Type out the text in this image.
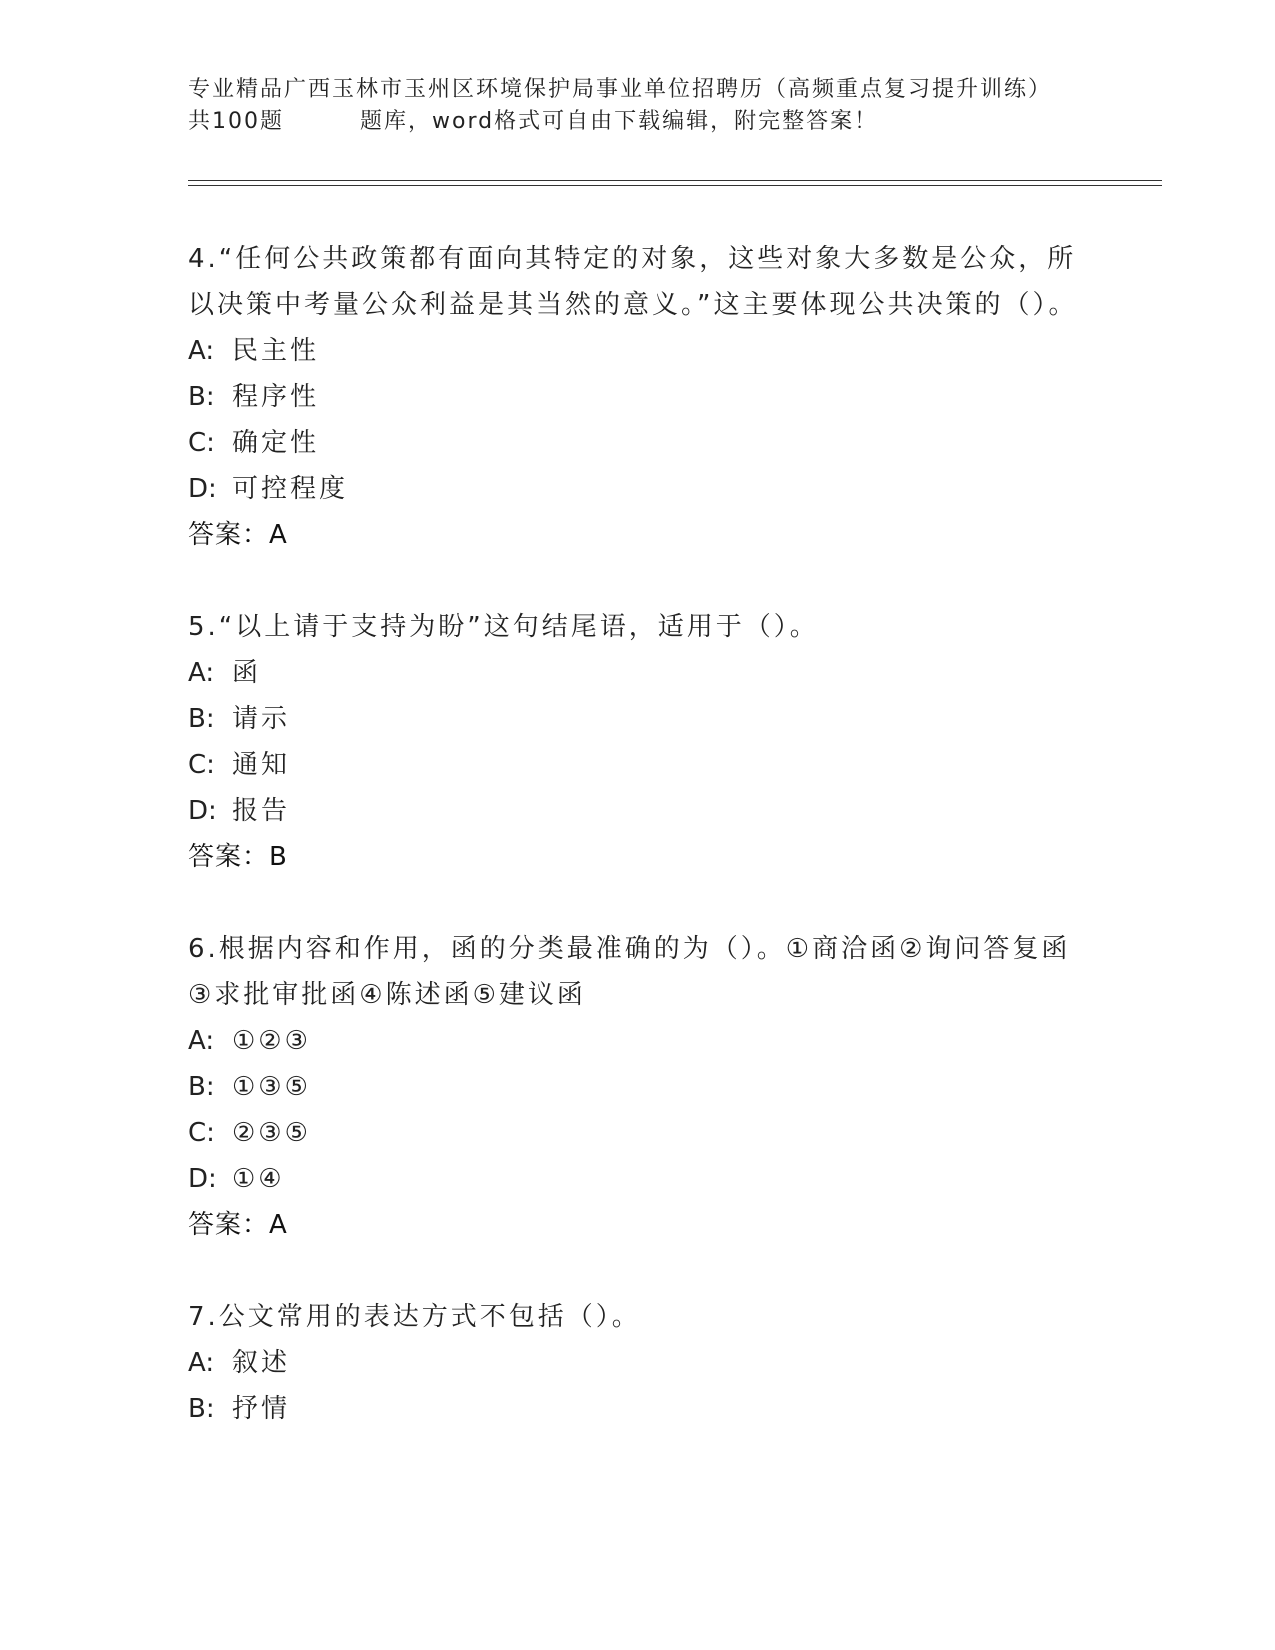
专业精品广西玉林市玉州区环境保护局事业单位招聘历（高频重点复习提升训练）
共100题	题库，word格式可自由下载编辑，附完整答案！

4.“任何公共政策都有面向其特定的对象，这些对象大多数是公众，所以决策中考量公众利益是其当然的意义。”这主要体现公共决策的（）。

A: 民主性

B: 程序性

C: 确定性

D: 可控程度

答案：A

5.“以上请于支持为盼”这句结尾语，适用于（）。

A: 函

B: 请示

C: 通知

D: 报告

答案：B

6.根据内容和作用，函的分类最准确的为（）。①商洽函②询问答复函③求批审批函④陈述函⑤建议函

A: ①②③

B: ①③⑤

C: ②③⑤

D: ①④

答案：A

7.公文常用的表达方式不包括（）。

A: 叙述

B: 抒情
